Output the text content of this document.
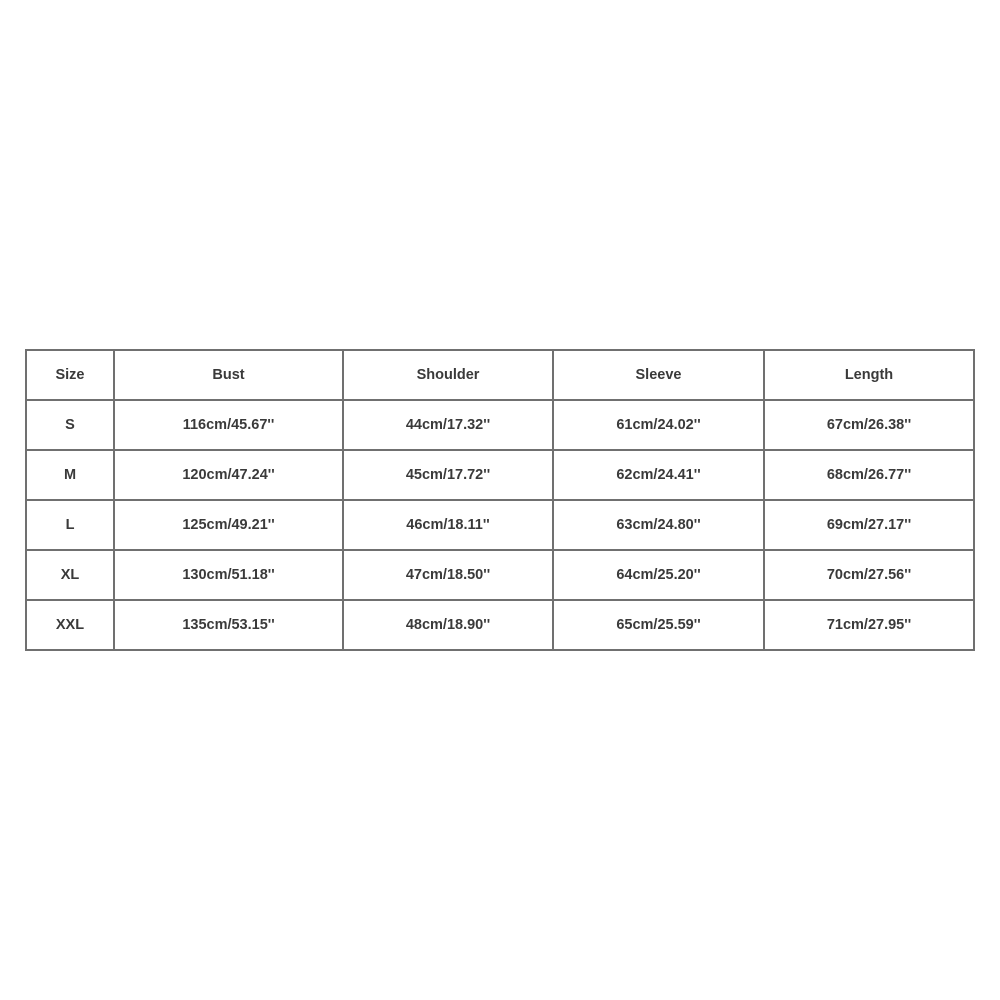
Size	Bust	Shoulder	Sleeve	Length
S	116cm/45.67''	44cm/17.32''	61cm/24.02''	67cm/26.38''
M	120cm/47.24''	45cm/17.72''	62cm/24.41''	68cm/26.77''
L	125cm/49.21''	46cm/18.11''	63cm/24.80''	69cm/27.17''
XL	130cm/51.18''	47cm/18.50''	64cm/25.20''	70cm/27.56''
XXL	135cm/53.15''	48cm/18.90''	65cm/25.59''	71cm/27.95''
